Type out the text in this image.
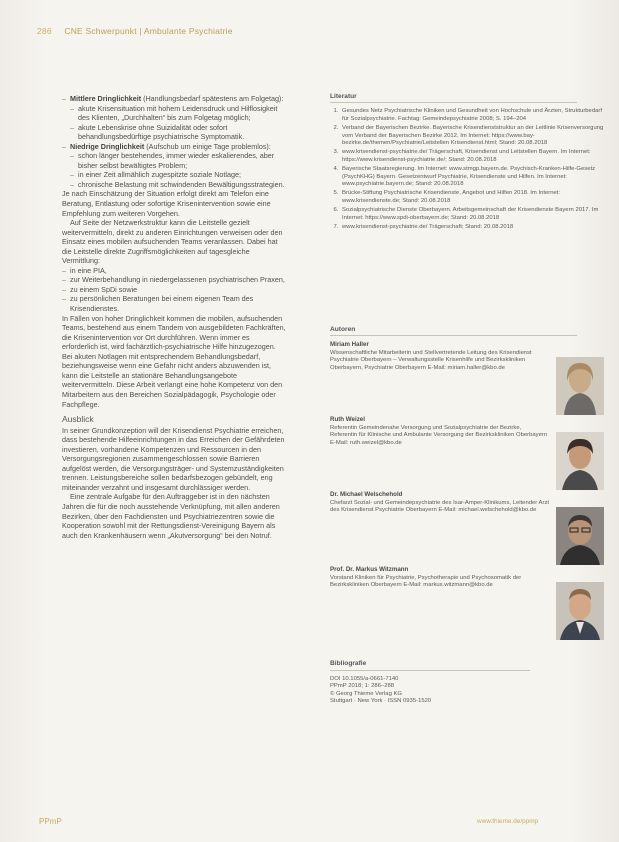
286 CNE Schwerpunkt | Ambulante Psychiatrie

– Mittlere Dringlichkeit (Handlungsbedarf spätestens am Folgetag):

– akute Krisensituation mit hohem Leidensdruck und Hilflosigkeit des Klienten, „Durchhalten“ bis zum Folgetag möglich;

– akute Lebenskrise ohne Suizidalität oder sofort behandlungsbedürftige psychiatrische Symptomatik.

– Niedrige Dringlichkeit (Aufschub um einige Tage problemlos):

– schon länger bestehendes, immer wieder eskalierendes, aber bisher selbst bewältigtes Problem;

– in einer Zeit allmählich zugespitzte soziale Notlage;

– chronische Belastung mit schwindenden Bewältigungsstrategien.

Je nach Einschätzung der Situation erfolgt direkt am Telefon eine Beratung, Entlastung oder sofortige Krisenintervention sowie eine Empfehlung zum weiteren Vorgehen.

Auf Seite der Netzwerkstruktur kann die Leitstelle gezielt weitervermitteln, direkt zu anderen Einrichtungen verweisen oder den Einsatz eines mobilen aufsuchenden Teams veranlassen. Dabei hat die Leitstelle direkte Zugriffsmöglichkeiten auf tagesgleiche Vermittlung:

– in eine PIA,

– zur Weiterbehandlung in niedergelassenen psychiatrischen Praxen,

– zu einem SpDi sowie

– zu persönlichen Beratungen bei einem eigenen Team des Krisendienstes.

In Fällen von hoher Dringlichkeit kommen die mobilen, aufsuchenden Teams, bestehend aus einem Tandem von ausgebildeten Fachkräften, die Krisenintervention vor Ort durchführen. Wenn immer es erforderlich ist, wird fachärztlich-psychiatrische Hilfe hinzugezogen. Bei akuten Notlagen mit entsprechendem Behandlungsbedarf, beziehungsweise wenn eine Gefahr nicht anders abzuwenden ist, kann die Leitstelle an stationäre Behandlungsangebote weitervermitteln. Diese Arbeit verlangt eine hohe Kompetenz von den Mitarbeitern aus den Bereichen Sozialpädagogik, Psychologie oder Fachpflege.

Ausblick

In seiner Grundkonzeption will der Krisendienst Psychiatrie erreichen, dass bestehende Hilfeeinrichtungen in das Erreichen der Gefährdeten investieren, vorhandene Kompetenzen und Ressourcen in den Versorgungsregionen zusammengeschlossen sowie Barrieren aufgelöst werden, die Versorgungsträger- und Systemzuständigkeiten trennen. Leistungsbereiche sollen bedarfsbezogen gebündelt, eng miteinander verzahnt und insgesamt durchlässiger werden.

Eine zentrale Aufgabe für den Auftraggeber ist in den nächsten Jahren die für die noch ausstehende Verknüpfung, mit allen anderen Bezirken, über den Fachdiensten und Psychiatriezentren sowie die Kooperation sowohl mit der Rettungsdienst-Vereinigung Bayern als auch den Krankenhäusern wenn „Akutversorgung“ bei den Notruf.

Literatur
1. Gesundes Netz Psychiatrische Kliniken und Gesundheit von Hochschule und Ärzten, Strukturbedarf für Sozialpsychiatrie. Fachtag: Gemeindepsychiatrie 2008; S. 194–204
2. Verband der Bayerischen Bezirke. Bayerische Krisendienststruktur an der Leitlinie Krisenversorgung vom Verband der Bayerischen Bezirke 2012. Im Internet: https://www.bay-bezirke.de/themen/Psychiatrie/Leitstellen Krisendienst.html; Stand: 20.08.2018
3. www.krisendienst-psychiatrie.de/ Trägerschaft, Krisendienst und Leitstellen Bayern. Im Internet: https://www.krisendienst-psychiatrie.de/; Stand: 20.08.2018
4. Bayerische Staatsregierung. Im Internet: www.stmgp.bayern.de. Psychisch-Kranken-Hilfe-Gesetz (PsychKHG) Bayern. Gesetzentwurf Psychiatrie, Krisendienste und Hilfen. Im Internet: www.psychiatrie.bayern.de; Stand: 20.08.2018
5. Brücke-Stiftung Psychiatrische Krisendienste, Angebot und Hilfen 2018. Im Internet: www.krisendienste.de; Stand: 20.08.2018
6. Sozialpsychiatrische Dienste Oberbayern. Arbeitsgemeinschaft der Krisendienste Bayern 2017. Im Internet: https://www.spdi-oberbayern.de; Stand: 20.08.2018
7. www.krisendienst-psychiatrie.de/ Trägerschaft; Stand: 20.08.2018
Autoren
Miriam Haller
Wissenschaftliche Mitarbeiterin und Stellvertretende Leitung des Krisendienst Psychiatrie Oberbayern – Verwaltungsstelle Krisenhilfe und Bezirkskliniken Oberbayern, Psychiatrie Oberbayern E-Mail: miriam.haller@kbo.de
Ruth Weizel
Referentin Gemeindenahe Versorgung und Sozialpsychiatrie der Bezirke, Referentin für Klinische und Ambulante Versorgung der Bezirkskliniken Oberbayern E-Mail: ruth.weizel@kbo.de
Dr. Michael Welschehold
Chefarzt Sozial- und Gemeindepsychiatrie des Isar-Amper-Klinikums, Leitender Arzt des Krisendienst Psychiatrie Oberbayern E-Mail: michael.welschehold@kbo.de
Prof. Dr. Markus Witzmann
Vorstand Kliniken für Psychiatrie, Psychotherapie und Psychosomatik der Bezirkskliniken Oberbayern E-Mail: markus.witzmann@kbo.de
Bibliografie
DOI 10.1055/a-0661-7140
PPmP 2018; 1: 286–288
© Georg Thieme Verlag KG
Stuttgart · New York · ISSN 0935-1520
PPmP	www.thieme.de/ppmp
